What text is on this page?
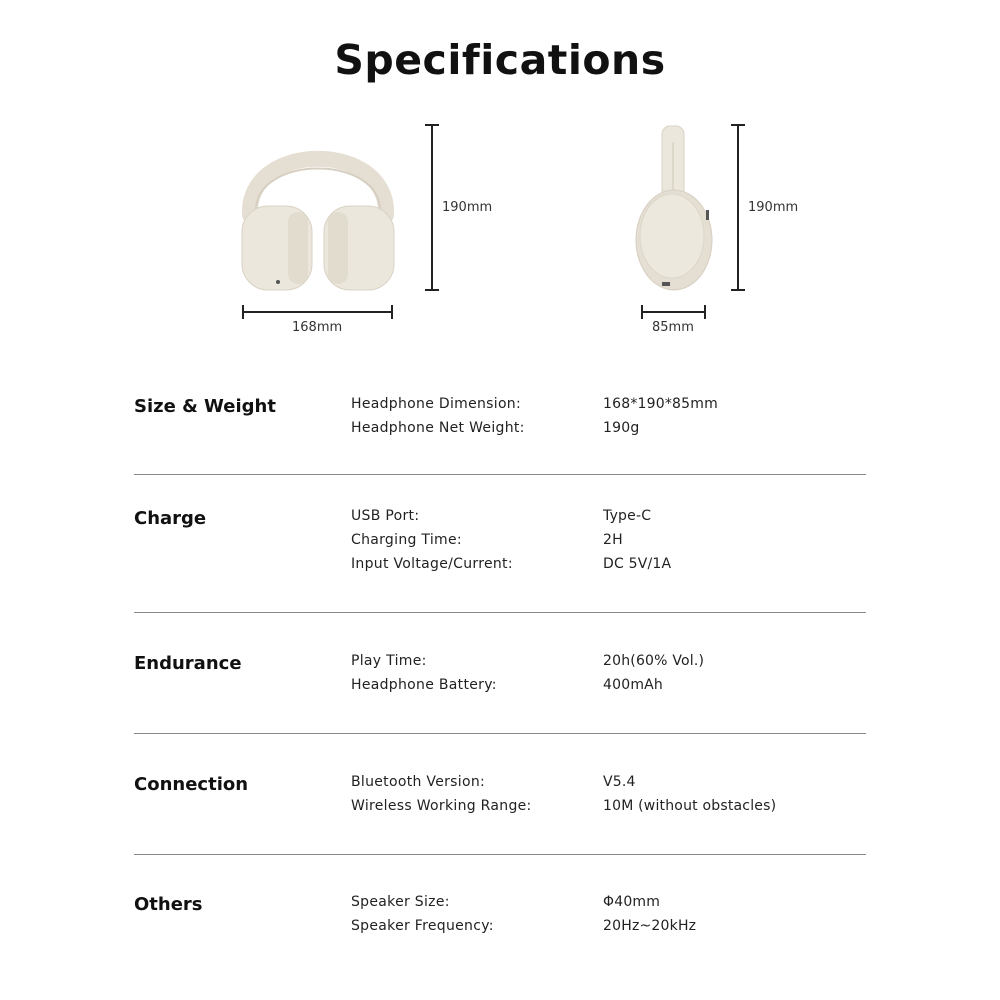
Specifications
190mm
168mm
190mm
85mm
Size & Weight	Headphone Dimension:	168*190*85mm
Headphone Net Weight:	190g
Charge	USB Port:	Type-C
Charging Time:	2H
Input Voltage/Current:	DC 5V/1A
Endurance	Play Time:	20h(60% Vol.)
Headphone Battery:	400mAh
Connection	Bluetooth Version:	V5.4
Wireless Working Range:	10M (without obstacles)
Others	Speaker Size:	Φ40mm
Speaker Frequency:	20Hz~20kHz
